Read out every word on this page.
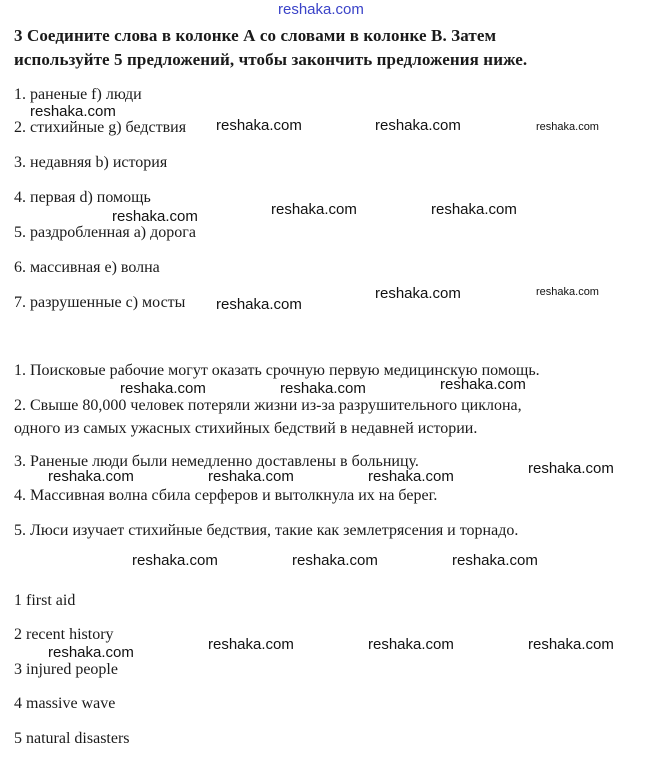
reshaka.com
3 Соедините слова в колонке А со словами в колонке В. Затем
используйте 5 предложений, чтобы закончить предложения ниже.
1. раненые f) люди
2. стихийные g) бедствия
3. недавняя b) история
4. первая d) помощь
5. раздробленная а) дорога
6. массивная е) волна
7. разрушенные с) мосты
1. Поисковые рабочие могут оказать срочную первую медицинскую помощь.
2. Свыше 80,000 человек потеряли жизни из-за разрушительного циклона,
одного из самых ужасных стихийных бедствий в недавней истории.
3. Раненые люди были немедленно доставлены в больницу.
4. Массивная волна сбила серферов и вытолкнула их на берег.
5. Люси изучает стихийные бедствия, такие как землетрясения и торнадо.
1 first aid
2 recent history
3 injured people
4 massive wave
5 natural disasters
reshaka.com
reshaka.com	reshaka.com	reshaka.com
reshaka.com	reshaka.com
reshaka.com
reshaka.com	reshaka.com
reshaka.com
reshaka.com
reshaka.com	reshaka.com
reshaka.com
reshaka.com	reshaka.com	reshaka.com
reshaka.com	reshaka.com	reshaka.com
reshaka.com	reshaka.com	reshaka.com
reshaka.com
